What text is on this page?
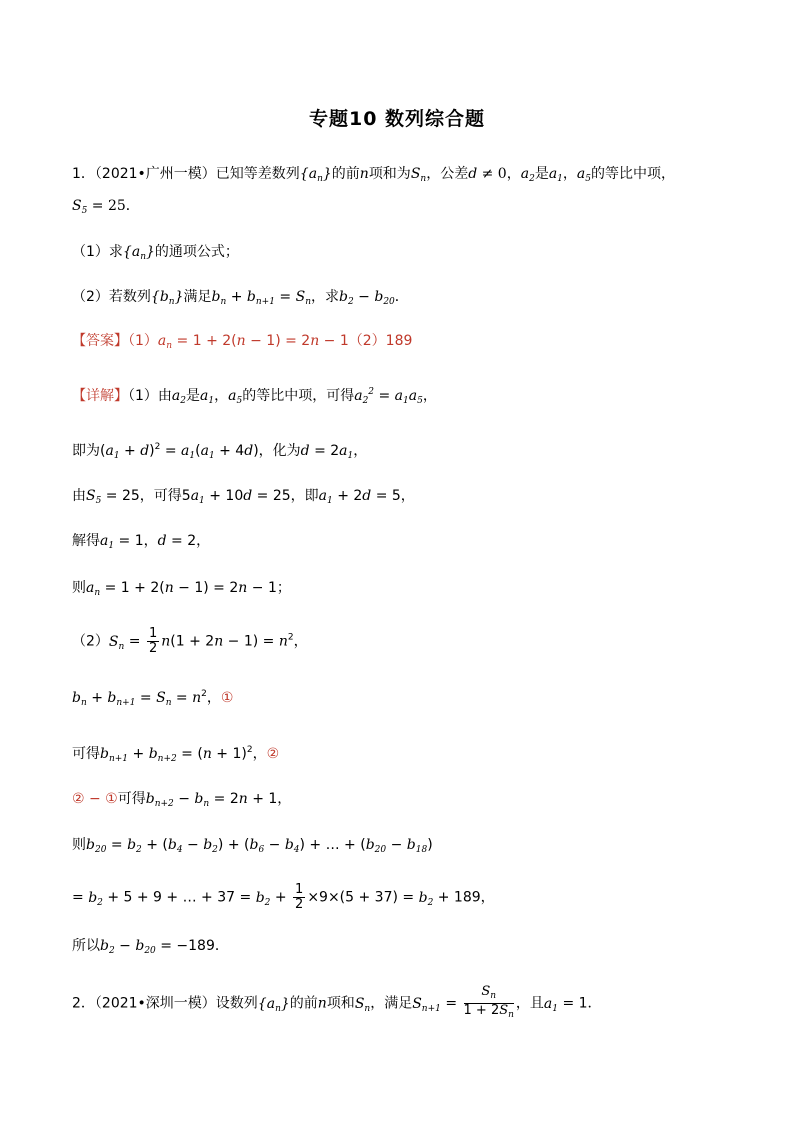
专题10 数列综合题
1．（2021•广州一模）已知等差数列$\{a_n\}$的前n项和为$S_n$，公差d ≠ 0，$a_2$是$a_1$，$a_5$的等比中项，
$S_5 = 25$．
（1）求$\{a_n\}$的通项公式；
（2）若数列$\{b_n\}$满足$b_n + b_{n+1} = S_n$，求$b_2 - b_{20}$．
【答案】$(1)a_n = 1 + 2(n - 1) = 2n - 1(2)189$
【详解】（1）由$a_2$是$a_1$，$a_5$的等比中项，可得$a_2^2 = a_1a_5$，
即为$(a_1 + d)^2 = a_1(a_1 + 4d)$，化为$d = 2a_1$，
由$S_5 = 25$，可得$5a_1 + 10d = 25$，即$a_1 + 2d = 5$，
解得$a_1 = 1$，d = 2，
则$a_n = 1 + 2(n - 1) = 2n - 1$；
$(2)S_n = \frac{1}{2} n(1 + 2n - 1) = n^2$，
$b_n + b_{n+1} = S_n = n^2$，①
可得$b_{n+1} + b_{n+2} = (n + 1)^2$，②
② − ①可得$b_{n+2} - b_n = 2n + 1$，
则$b_{20} = b_2 + (b_4 - b_2) + (b_6 - b_4)$ + … + $(b_{20} - b_{18})$
= $b_2 + 5 + 9$ + … + $37 = b_2 + \frac{1}{2} \times 9\times(5 + 37) = b_2 + 189$，
所以$b_2 - b_{20} = -189$．
2．（2021•深圳一模）设数列$\{a_n\}$的前n项和$S_n$，满足$S_{n+1} = \frac{S_n}{1 + 2S_n}$ ，且$a_1 = 1$．
